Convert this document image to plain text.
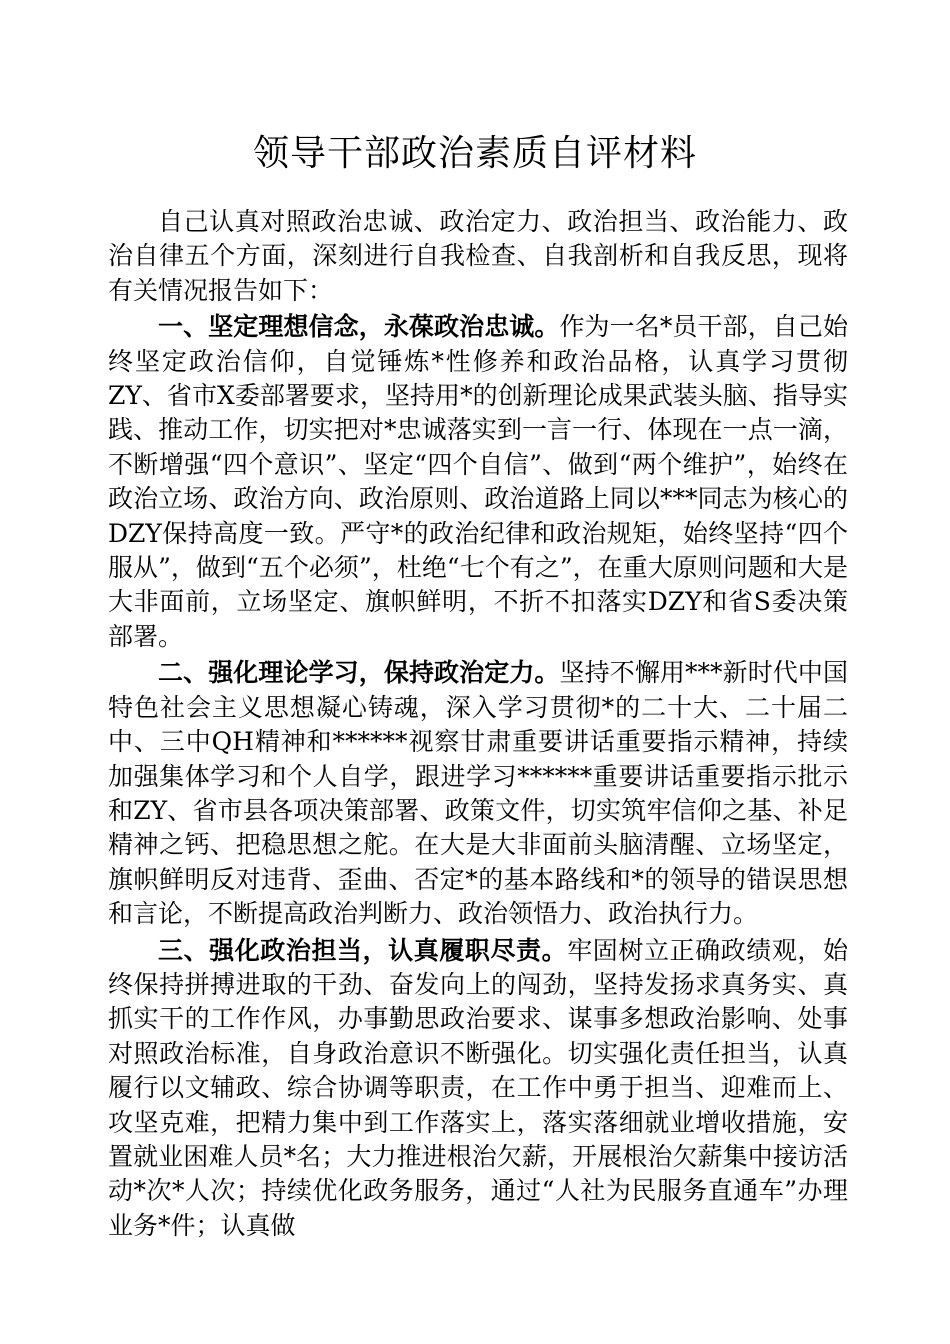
领导干部政治素质自评材料

自己认真对照政治忠诚、政治定力、政治担当、政治能力、政治自律五个方面，深刻进行自我检查、自我剖析和自我反思，现将有关情况报告如下：

一、坚定理想信念，永葆政治忠诚。作为一名*员干部，自己始终坚定政治信仰，自觉锤炼*性修养和政治品格，认真学习贯彻ZY、省市X委部署要求，坚持用*的创新理论成果武装头脑、指导实践、推动工作，切实把对*忠诚落实到一言一行、体现在一点一滴，不断增强“四个意识”、坚定“四个自信”、做到“两个维护”，始终在政治立场、政治方向、政治原则、政治道路上同以***同志为核心的DZY保持高度一致。严守*的政治纪律和政治规矩，始终坚持“四个服从”，做到“五个必须”，杜绝“七个有之”，在重大原则问题和大是大非面前，立场坚定、旗帜鲜明，不折不扣落实DZY和省S委决策部署。

二、强化理论学习，保持政治定力。坚持不懈用***新时代中国特色社会主义思想凝心铸魂，深入学习贯彻*的二十大、二十届二中、三中QH精神和******视察甘肃重要讲话重要指示精神，持续加强集体学习和个人自学，跟进学习******重要讲话重要指示批示和ZY、省市县各项决策部署、政策文件，切实筑牢信仰之基、补足精神之钙、把稳思想之舵。在大是大非面前头脑清醒、立场坚定，旗帜鲜明反对违背、歪曲、否定*的基本路线和*的领导的错误思想和言论，不断提高政治判断力、政治领悟力、政治执行力。

三、强化政治担当，认真履职尽责。牢固树立正确政绩观，始终保持拼搏进取的干劲、奋发向上的闯劲，坚持发扬求真务实、真抓实干的工作作风，办事勤思政治要求、谋事多想政治影响、处事对照政治标准，自身政治意识不断强化。切实强化责任担当，认真履行以文辅政、综合协调等职责，在工作中勇于担当、迎难而上、攻坚克难，把精力集中到工作落实上，落实落细就业增收措施，安置就业困难人员*名；大力推进根治欠薪，开展根治欠薪集中接访活动*次*人次；持续优化政务服务，通过“人社为民服务直通车”办理业务*件；认真做
